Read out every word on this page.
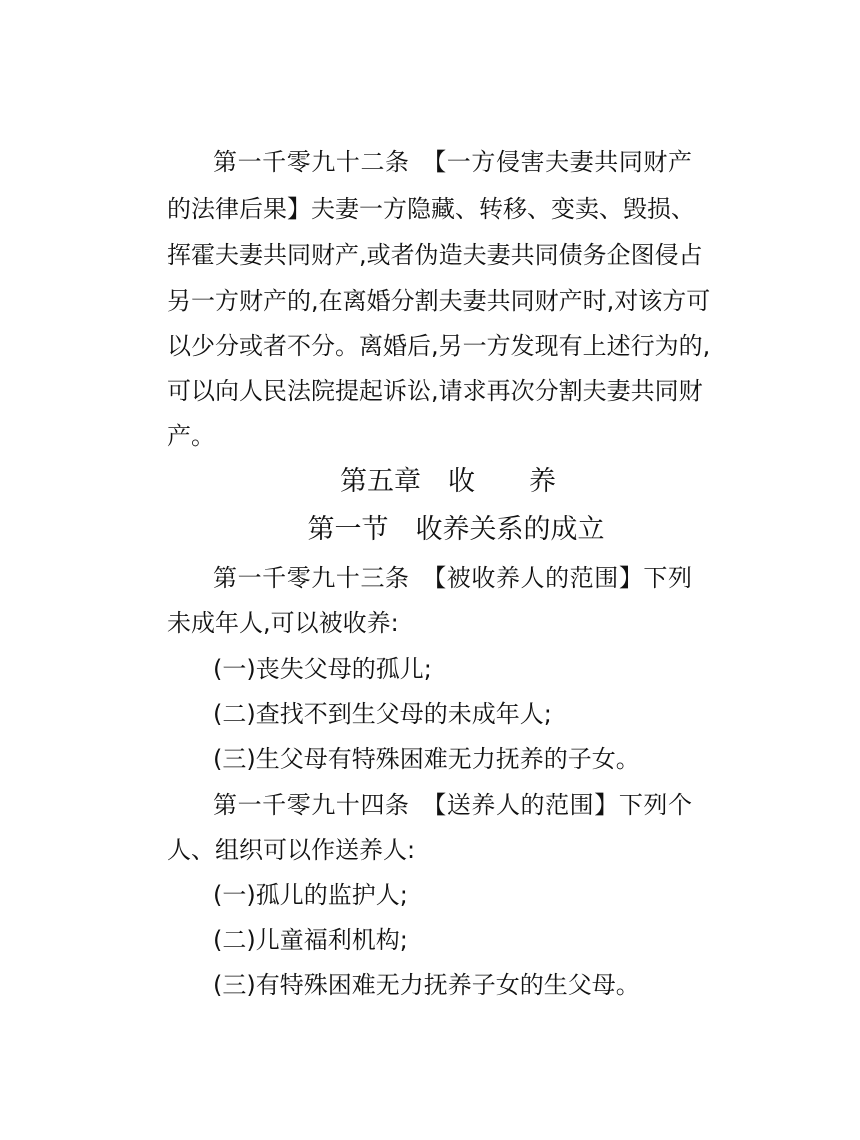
第一千零九十二条　【一方侵害夫妻共同财产
的法律后果】夫妻一方隐藏、转移、变卖、毁损、
挥霍夫妻共同财产,或者伪造夫妻共同债务企图侵占
另一方财产的,在离婚分割夫妻共同财产时,对该方可
以少分或者不分。离婚后,另一方发现有上述行为的,
可以向人民法院提起诉讼,请求再次分割夫妻共同财
产。
第五章　收　　养
第一节　收养关系的成立
第一千零九十三条　【被收养人的范围】下列
未成年人,可以被收养:
(一)丧失父母的孤儿;
(二)查找不到生父母的未成年人;
(三)生父母有特殊困难无力抚养的子女。
第一千零九十四条　【送养人的范围】下列个
人、组织可以作送养人:
(一)孤儿的监护人;
(二)儿童福利机构;
(三)有特殊困难无力抚养子女的生父母。
